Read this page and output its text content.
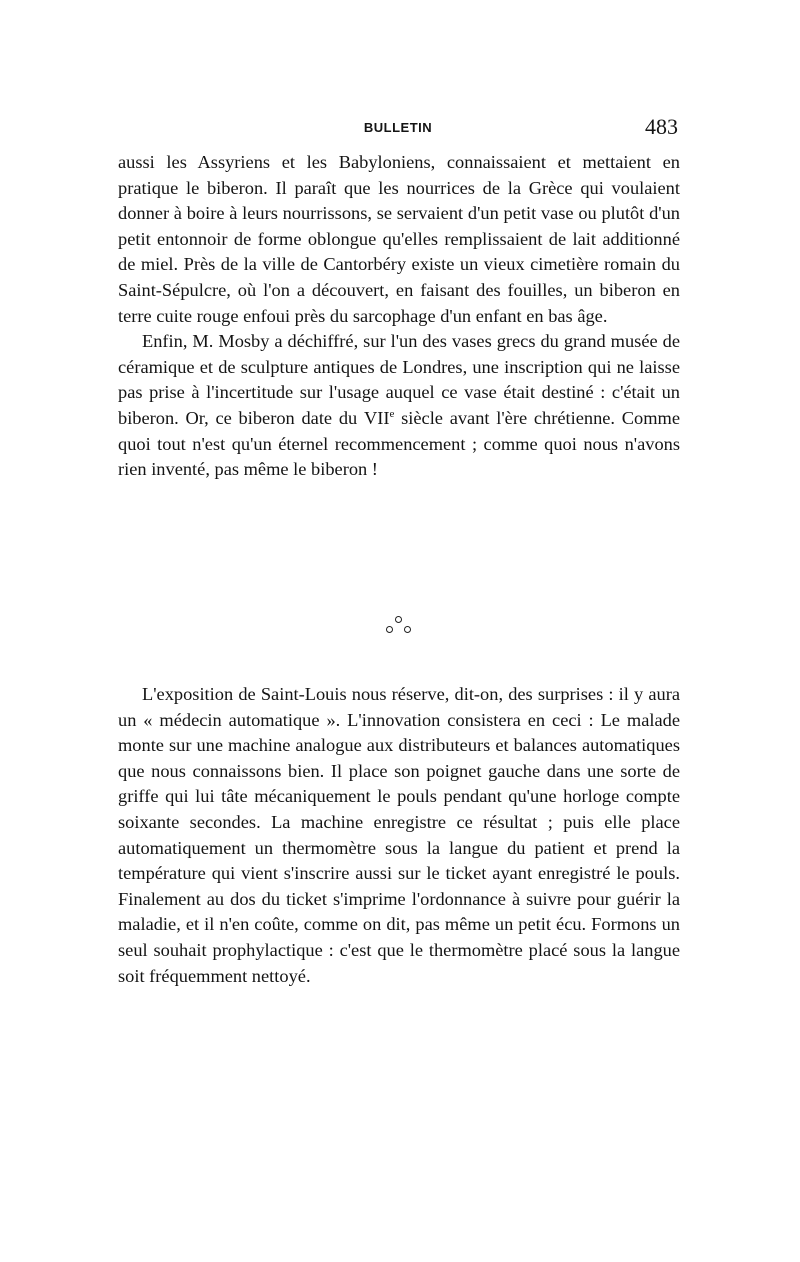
BULLETIN	483

aussi les Assyriens et les Babyloniens, connaissaient et mettaient en pratique le biberon. Il paraît que les nourrices de la Grèce qui voulaient donner à boire à leurs nourrissons, se servaient d'un petit vase ou plutôt d'un petit entonnoir de forme oblongue qu'elles remplissaient de lait additionné de miel. Près de la ville de Cantorbéry existe un vieux cimetière romain du Saint-Sépulcre, où l'on a découvert, en faisant des fouilles, un biberon en terre cuite rouge enfoui près du sarcophage d'un enfant en bas âge.

Enfin, M. Mosby a déchiffré, sur l'un des vases grecs du grand musée de céramique et de sculpture antiques de Londres, une inscription qui ne laisse pas prise à l'incertitude sur l'usage auquel ce vase était destiné : c'était un biberon. Or, ce biberon date du VIIe siècle avant l'ère chrétienne. Comme quoi tout n'est qu'un éternel recommencement ; comme quoi nous n'avons rien inventé, pas même le biberon !

L'exposition de Saint-Louis nous réserve, dit-on, des surprises : il y aura un « médecin automatique ». L'innovation consistera en ceci : Le malade monte sur une machine analogue aux distributeurs et balances automatiques que nous connaissons bien. Il place son poignet gauche dans une sorte de griffe qui lui tâte mécaniquement le pouls pendant qu'une horloge compte soixante secondes. La machine enregistre ce résultat ; puis elle place automatiquement un thermomètre sous la langue du patient et prend la température qui vient s'inscrire aussi sur le ticket ayant enregistré le pouls. Finalement au dos du ticket s'imprime l'ordonnance à suivre pour guérir la maladie, et il n'en coûte, comme on dit, pas même un petit écu. Formons un seul souhait prophylactique : c'est que le thermomètre placé sous la langue soit fréquemment nettoyé.
